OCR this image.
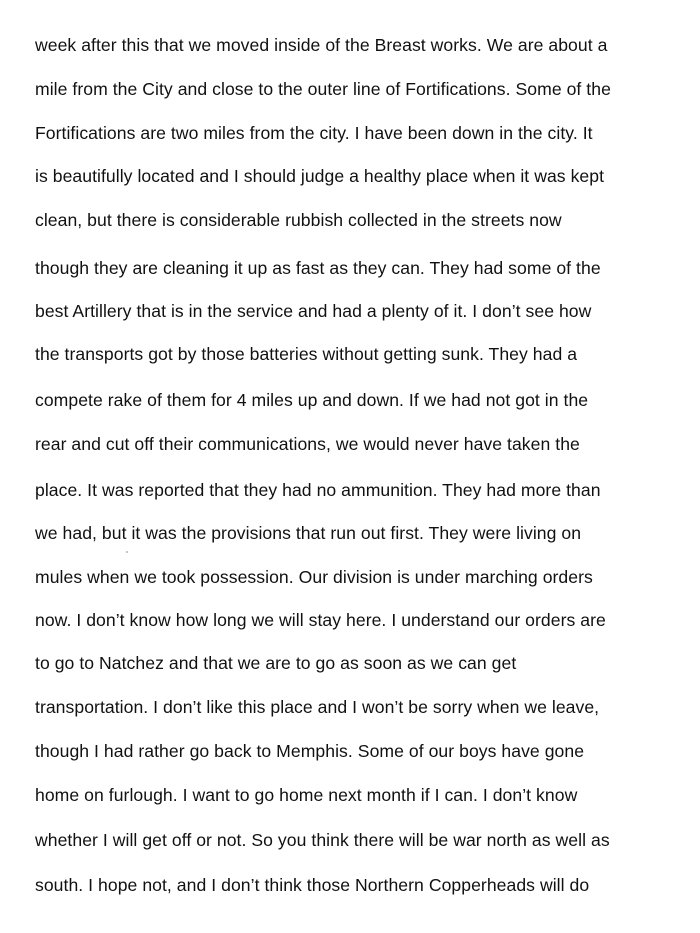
week after this that we moved inside of the Breast works. We are about a
mile from the City and close to the outer line of Fortifications. Some of the
Fortifications are two miles from the city. I have been down in the city. It
is beautifully located and I should judge a healthy place when it was kept
clean, but there is considerable rubbish collected in the streets now
though they are cleaning it up as fast as they can. They had some of the
best Artillery that is in the service and had a plenty of it. I don’t see how
the transports got by those batteries without getting sunk. They had a
compete rake of them for 4 miles up and down. If we had not got in the
rear and cut off their communications, we would never have taken the
place. It was reported that they had no ammunition. They had more than
we had, but it was the provisions that run out first. They were living on
mules when we took possession. Our division is under marching orders
now. I don’t know how long we will stay here. I understand our orders are
to go to Natchez and that we are to go as soon as we can get
transportation. I don’t like this place and I won’t be sorry when we leave,
though I had rather go back to Memphis. Some of our boys have gone
home on furlough. I want to go home next month if I can. I don’t know
whether I will get off or not. So you think there will be war north as well as
south. I hope not, and I don’t think those Northern Copperheads will do
